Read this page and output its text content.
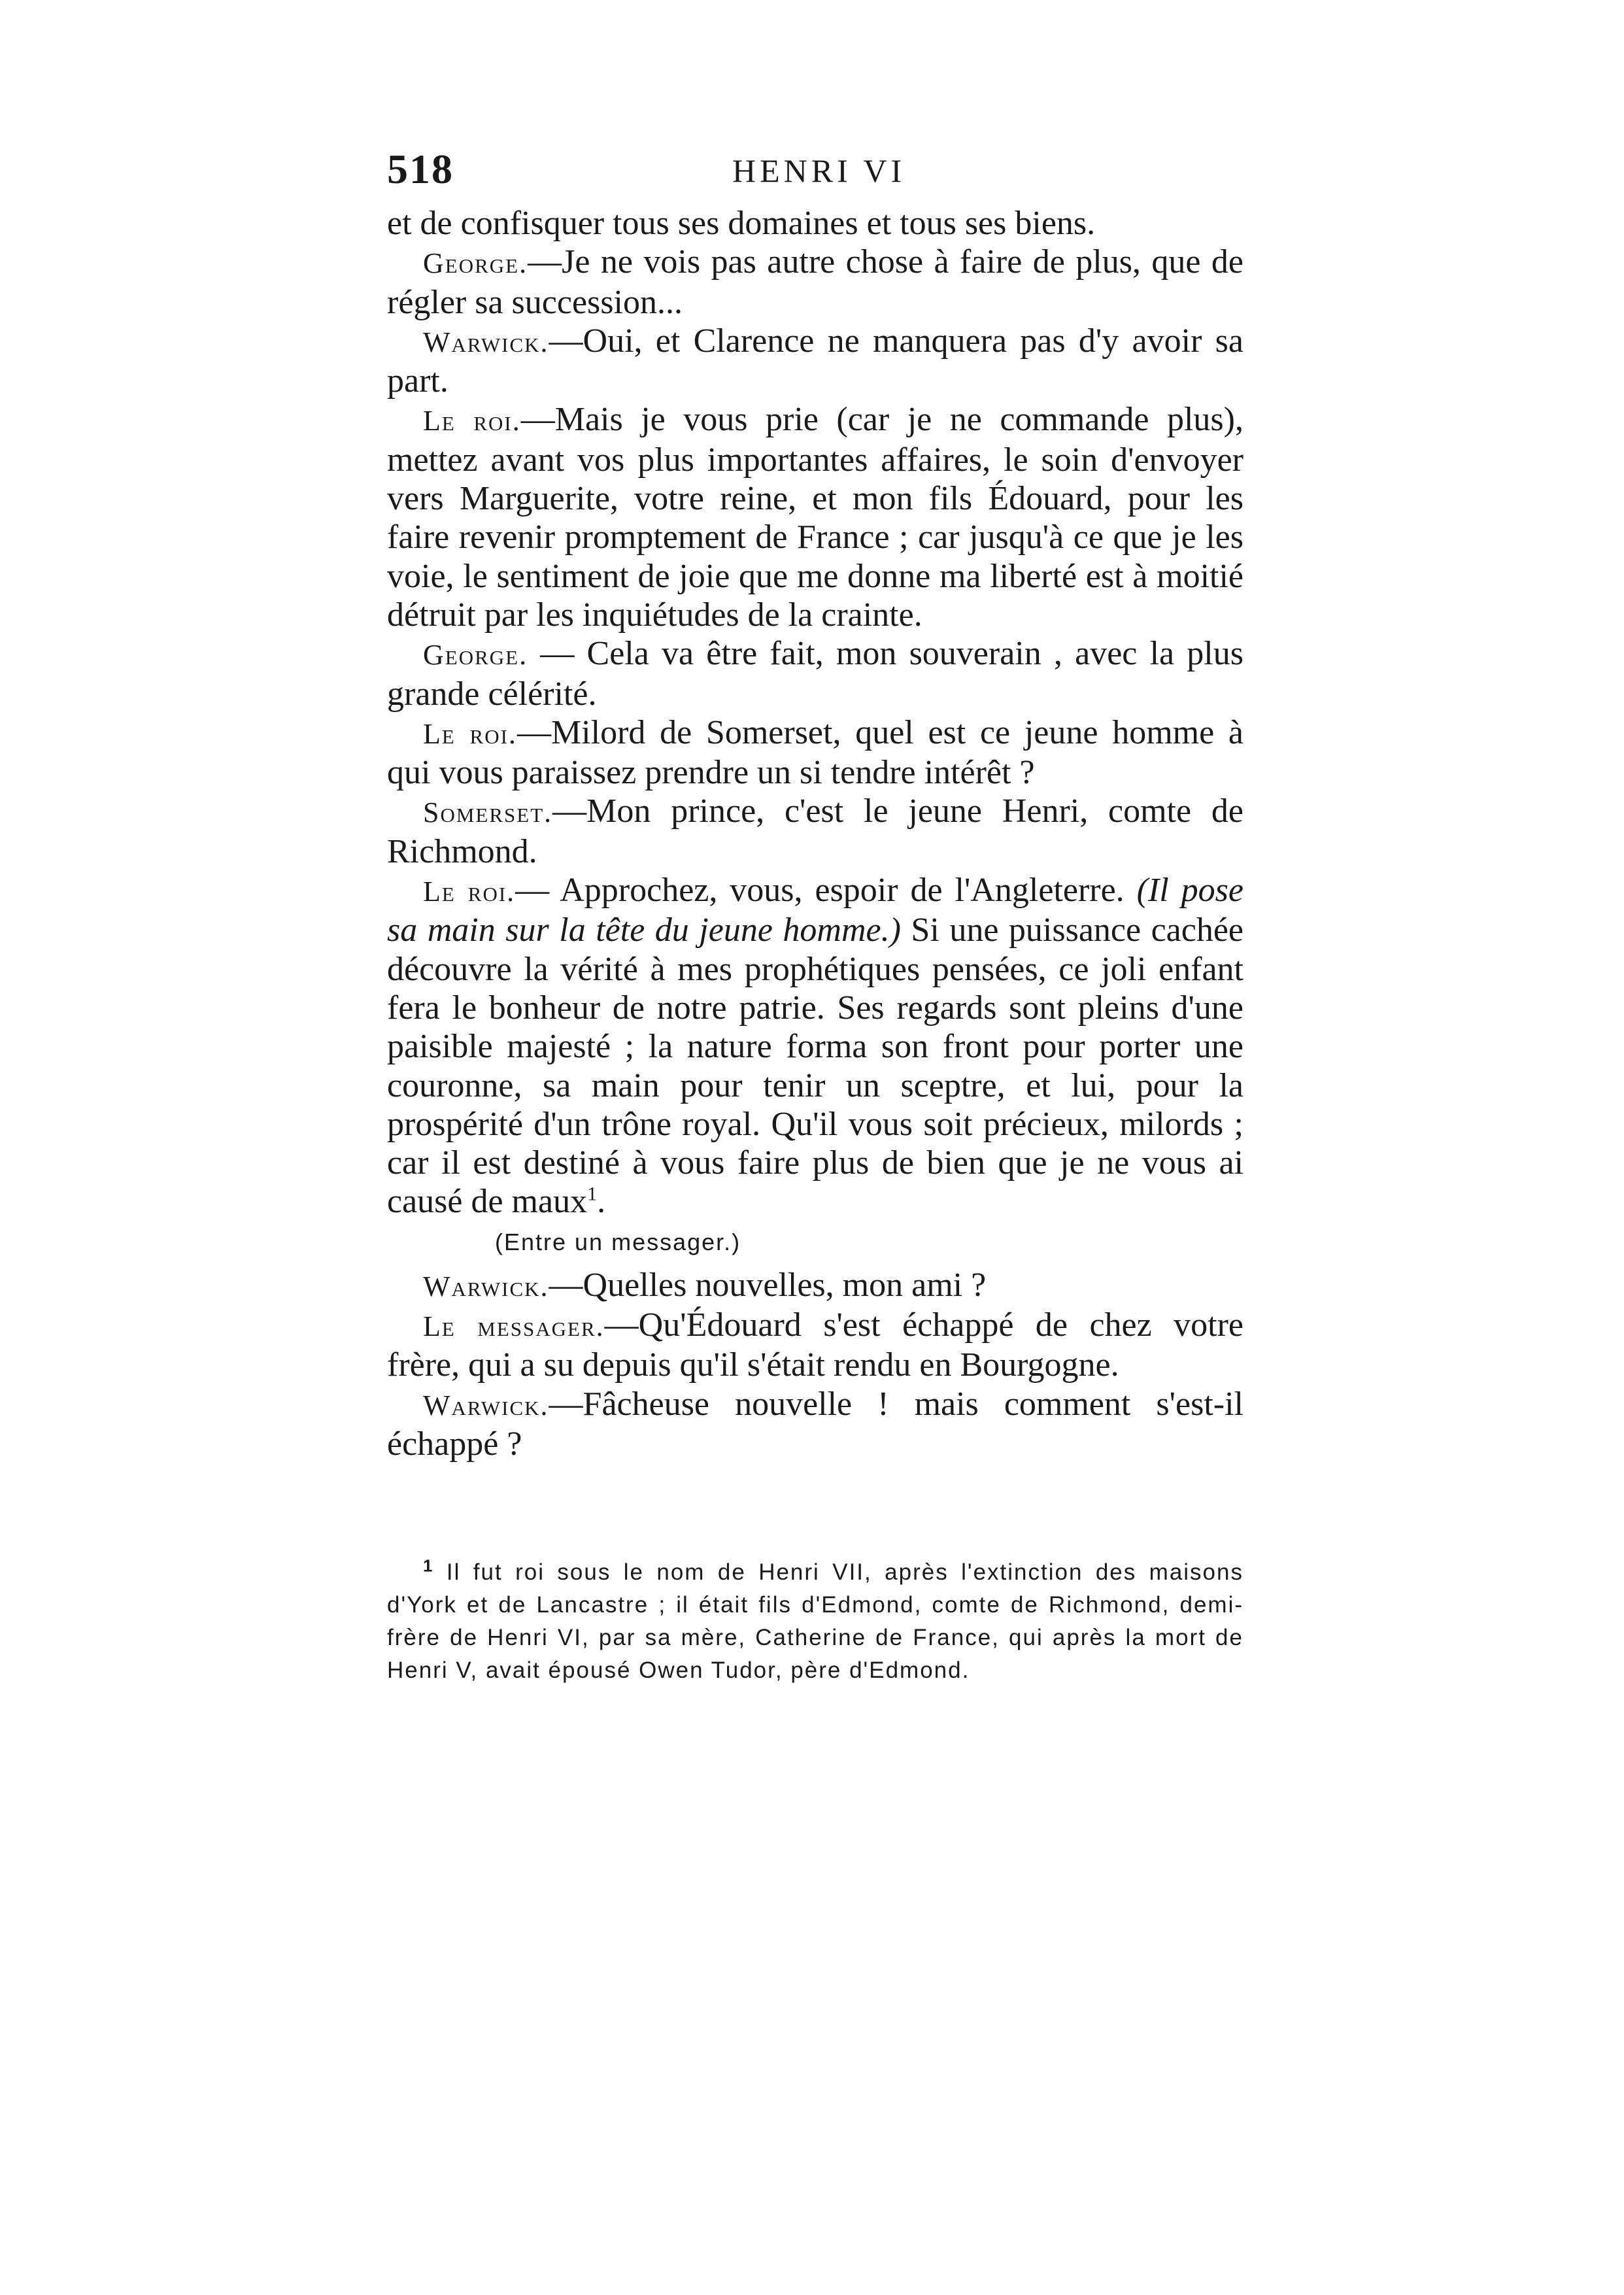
518	HENRI VI

et de confisquer tous ses domaines et tous ses biens.

George.—Je ne vois pas autre chose à faire de plus, que de régler sa succession...

Warwick.—Oui, et Clarence ne manquera pas d'y avoir sa part.

Le roi.—Mais je vous prie (car je ne commande plus), mettez avant vos plus importantes affaires, le soin d'envoyer vers Marguerite, votre reine, et mon fils Édouard, pour les faire revenir promptement de France ; car jusqu'à ce que je les voie, le sentiment de joie que me donne ma liberté est à moitié détruit par les inquiétudes de la crainte.

George. — Cela va être fait, mon souverain , avec la plus grande célérité.

Le roi.—Milord de Somerset, quel est ce jeune homme à qui vous paraissez prendre un si tendre intérêt ?

Somerset.—Mon prince, c'est le jeune Henri, comte de Richmond.

Le roi.— Approchez, vous, espoir de l'Angleterre. (Il pose sa main sur la tête du jeune homme.) Si une puissance cachée découvre la vérité à mes prophétiques pensées, ce joli enfant fera le bonheur de notre patrie. Ses regards sont pleins d'une paisible majesté ; la nature forma son front pour porter une couronne, sa main pour tenir un sceptre, et lui, pour la prospérité d'un trône royal. Qu'il vous soit précieux, milords ; car il est destiné à vous faire plus de bien que je ne vous ai causé de maux$^1$.

(Entre un messager.)

Warwick.—Quelles nouvelles, mon ami ?

Le messager.—Qu'Édouard s'est échappé de chez votre frère, qui a su depuis qu'il s'était rendu en Bourgogne.

Warwick.—Fâcheuse nouvelle ! mais comment s'est-il échappé ?

$^1$ Il fut roi sous le nom de Henri VII, après l'extinction des maisons d'York et de Lancastre ; il était fils d'Edmond, comte de Richmond, demi-frère de Henri VI, par sa mère, Catherine de France, qui après la mort de Henri V, avait épousé Owen Tudor, père d'Edmond.
